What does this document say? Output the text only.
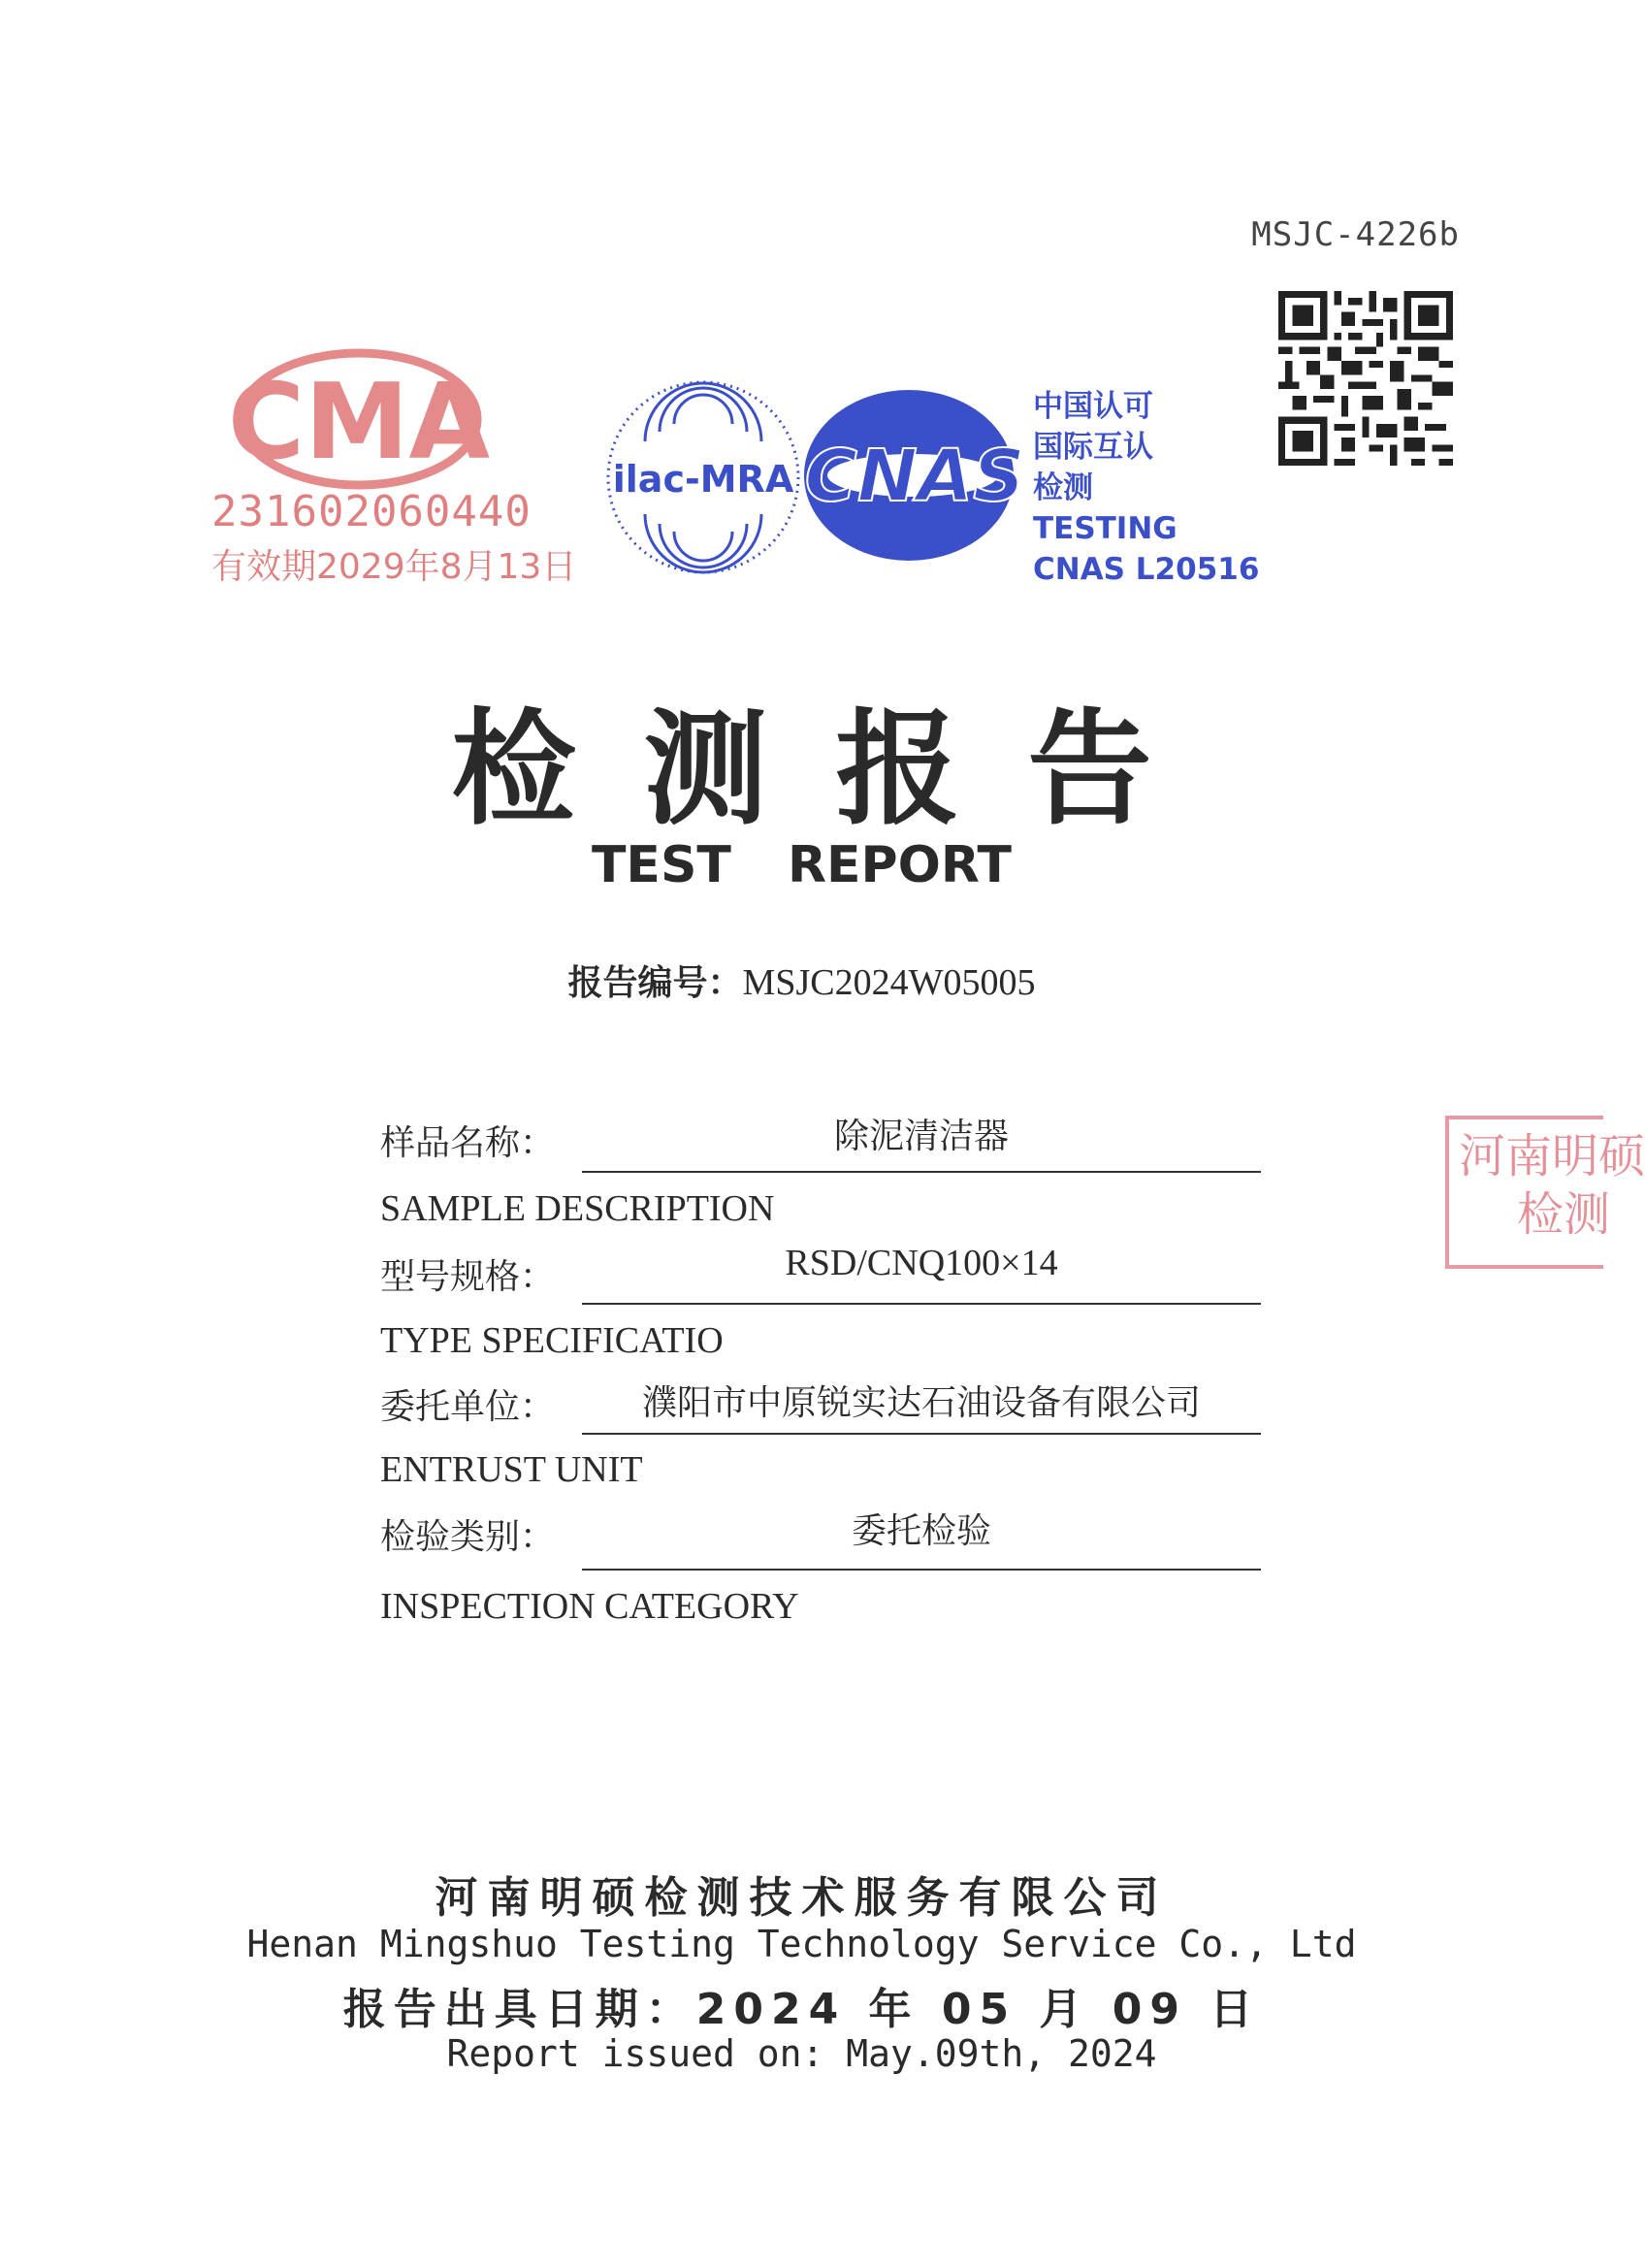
MSJC-4226b
CMA
231602060440
有效期2029年8月13日
ilac-MRA CNAS
中国认可
国际互认
检测
TESTING
CNAS L20516
检测报告
TEST REPORT
报告编号：MSJC2024W05005
样品名称：	除泥清洁器
SAMPLE DESCRIPTION
型号规格：	RSD/CNQ100×14
TYPE SPECIFICATIO
委托单位：	濮阳市中原锐实达石油设备有限公司
ENTRUST UNIT
检验类别：	委托检验
INSPECTION CATEGORY
河南明硕
检测
河南明硕检测技术服务有限公司
Henan Mingshuo Testing Technology Service Co., Ltd
报告出具日期：2024 年 05 月 09 日
Report issued on: May.09th, 2024
